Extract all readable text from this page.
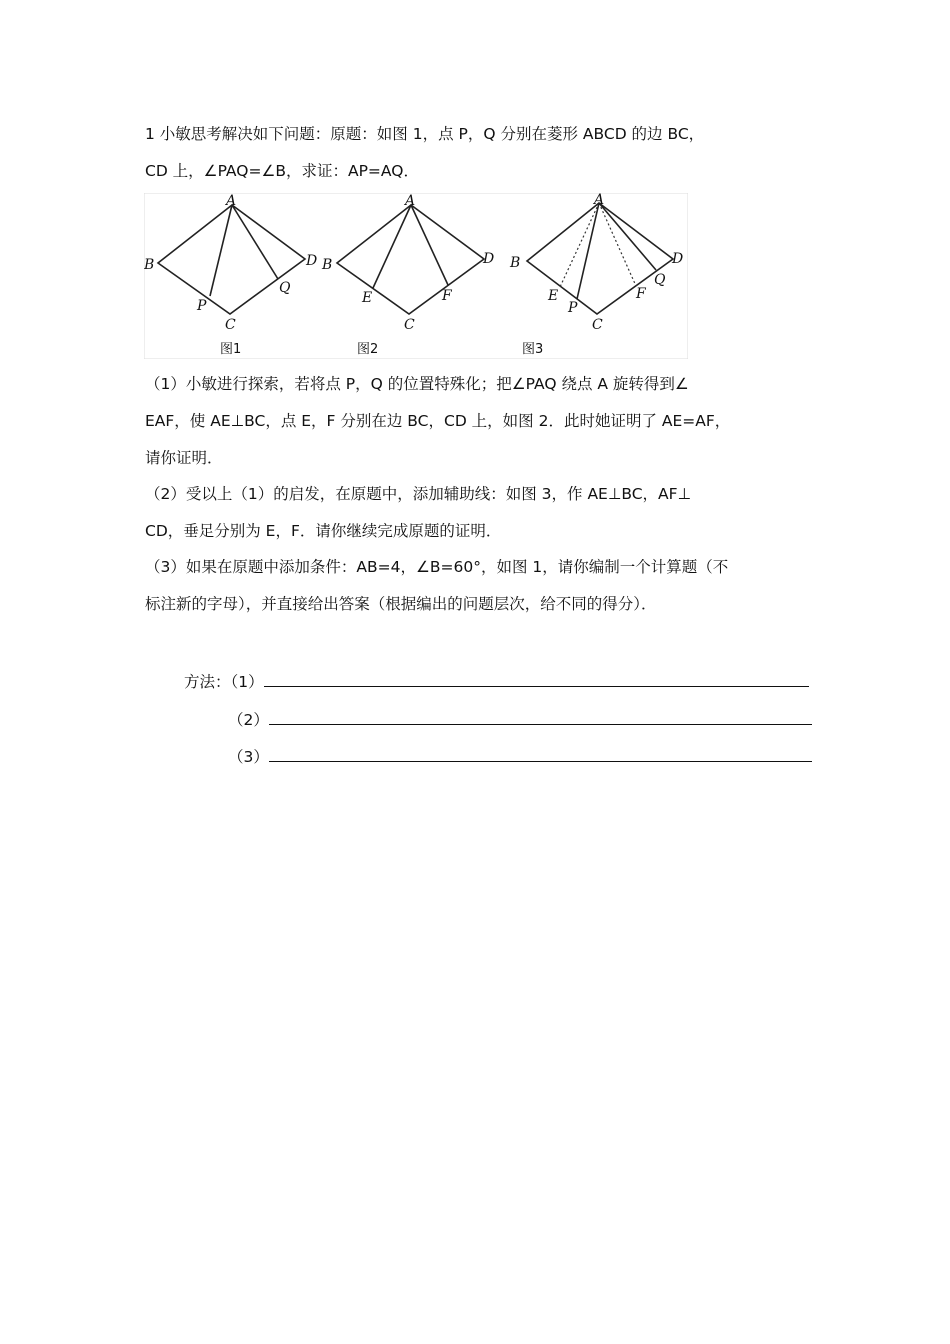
1 小敏思考解决如下问题：原题：如图 1，点 P，Q 分别在菱形 ABCD 的边 BC，
CD 上，∠PAQ=∠B，求证：AP=AQ．
A
B
C
D
P
Q
图1
A
B
C
D
E	F
图2
A
B
C
D
E	F
P
Q
图3
（1）小敏进行探索，若将点 P，Q 的位置特殊化；把∠PAQ 绕点 A 旋转得到∠
EAF，使 AE⊥BC，点 E，F 分别在边 BC，CD 上，如图 2．此时她证明了 AE=AF，
请你证明．
（2）受以上（1）的启发，在原题中，添加辅助线：如图 3，作 AE⊥BC，AF⊥
CD，垂足分别为 E，F．请你继续完成原题的证明．
（3）如果在原题中添加条件：AB=4，∠B=60°，如图 1，请你编制一个计算题（不
标注新的字母），并直接给出答案（根据编出的问题层次，给不同的得分）．
方法：（1）
（2）
（3）
